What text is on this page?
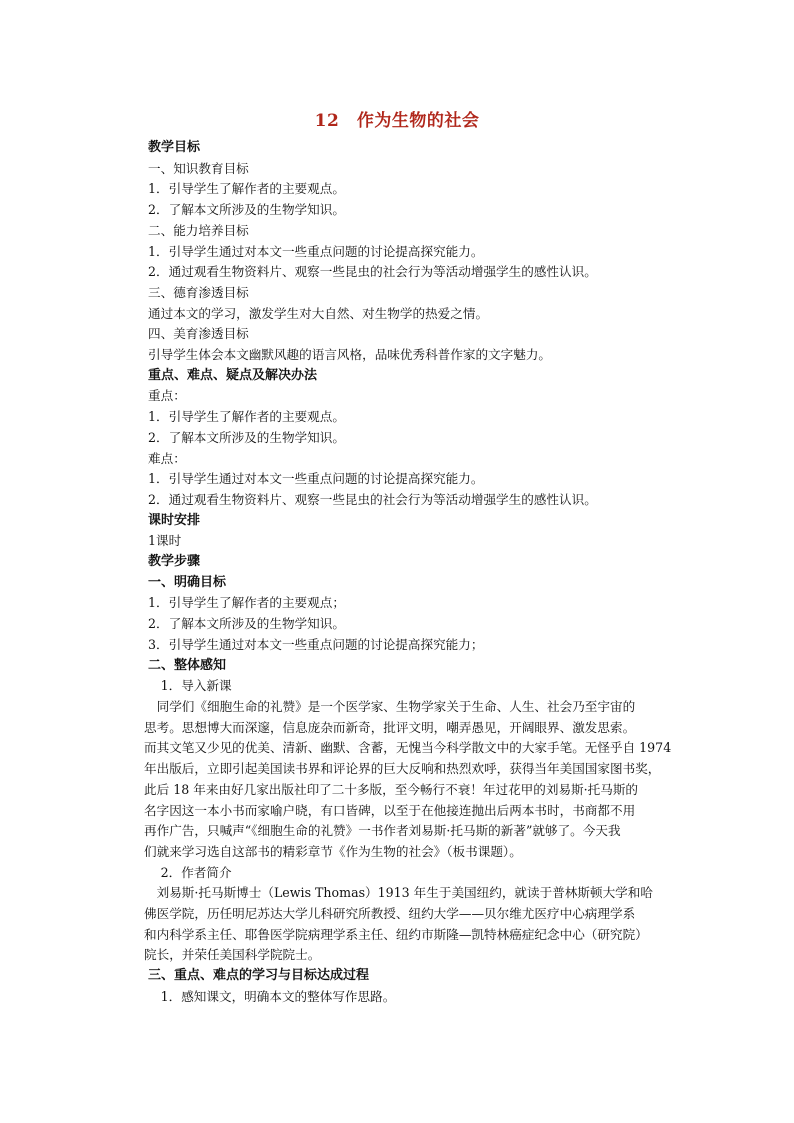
12　作为生物的社会

教学目标

一、知识教育目标

1．引导学生了解作者的主要观点。

2．了解本文所涉及的生物学知识。

二、能力培养目标

1．引导学生通过对本文一些重点问题的讨论提高探究能力。

2．通过观看生物资料片、观察一些昆虫的社会行为等活动增强学生的感性认识。

三、德育渗透目标

通过本文的学习，激发学生对大自然、对生物学的热爱之情。

四、美育渗透目标

引导学生体会本文幽默风趣的语言风格，品味优秀科普作家的文字魅力。

重点、难点、疑点及解决办法

重点：

1．引导学生了解作者的主要观点。

2．了解本文所涉及的生物学知识。

难点：

1．引导学生通过对本文一些重点问题的讨论提高探究能力。

2．通过观看生物资料片、观察一些昆虫的社会行为等活动增强学生的感性认识。

课时安排

1课时

教学步骤

一、明确目标

1．引导学生了解作者的主要观点；

2．了解本文所涉及的生物学知识。

3．引导学生通过对本文一些重点问题的讨论提高探究能力；

二、整体感知

　1．导入新课

　同学们《细胞生命的礼赞》是一个医学家、生物学家关于生命、人生、社会乃至宇宙的
思考。思想博大而深邃，信息庞杂而新奇，批评文明，嘲弄愚见，开阔眼界、激发思索。
而其文笔又少见的优美、清新、幽默、含蓄，无愧当今科学散文中的大家手笔。无怪乎自 1974
年出版后，立即引起美国读书界和评论界的巨大反响和热烈欢呼，获得当年美国国家图书奖，
此后 18 年来由好几家出版社印了二十多版，至今畅行不衰！年过花甲的刘易斯·托马斯的
名字因这一本小书而家喻户晓，有口皆碑，以至于在他接连抛出后两本书时，书商都不用
再作广告，只喊声“《细胞生命的礼赞》一书作者刘易斯·托马斯的新著”就够了。今天我
们就来学习选自这部书的精彩章节《作为生物的社会》（板书课题）。

　2．作者简介

　刘易斯·托马斯博士（Lewis Thomas）1913 年生于美国纽约，就读于普林斯顿大学和哈
佛医学院，历任明尼苏达大学儿科研究所教授、纽约大学——贝尔维尤医疗中心病理学系
和内科学系主任、耶鲁医学院病理学系主任、纽约市斯隆—凯特林癌症纪念中心（研究院）
院长，并荣任美国科学院院士。

三、重点、难点的学习与目标达成过程

　1．感知课文，明确本文的整体写作思路。
